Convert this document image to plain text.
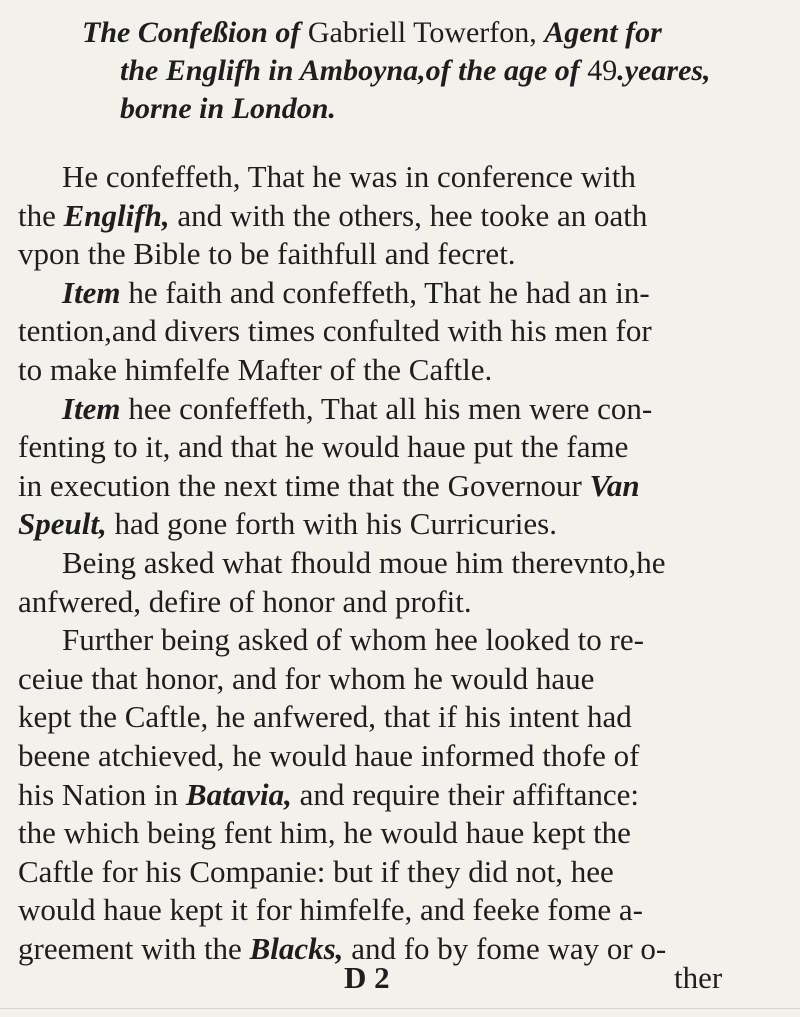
The Confeßion of Gabriell Towerfon, Agent for
the Englifh in Amboyna,of the age of 49.yeares,
borne in London.
He confeffeth, That he was in conference with
the Englifh, and with the others, hee tooke an oath
vpon the Bible to be faithfull and fecret.
Item he faith and confeffeth, That he had an in-
tention,and divers times confulted with his men for
to make himfelfe Mafter of the Caftle.
Item hee confeffeth, That all his men were con-
fenting to it, and that he would haue put the fame
in execution the next time that the Governour Van
Speult, had gone forth with his Curricuries.
Being asked what fhould moue him therevnto,he
anfwered, defire of honor and profit.
Further being asked of whom hee looked to re-
ceiue that honor, and for whom he would haue
kept the Caftle, he anfwered, that if his intent had
beene atchieved, he would haue informed thofe of
his Nation in Batavia, and require their affiftance:
the which being fent him, he would haue kept the
Caftle for his Companie: but if they did not, hee
would haue kept it for himfelfe, and feeke fome a-
greement with the Blacks, and fo by fome way or o-
D 2	ther
